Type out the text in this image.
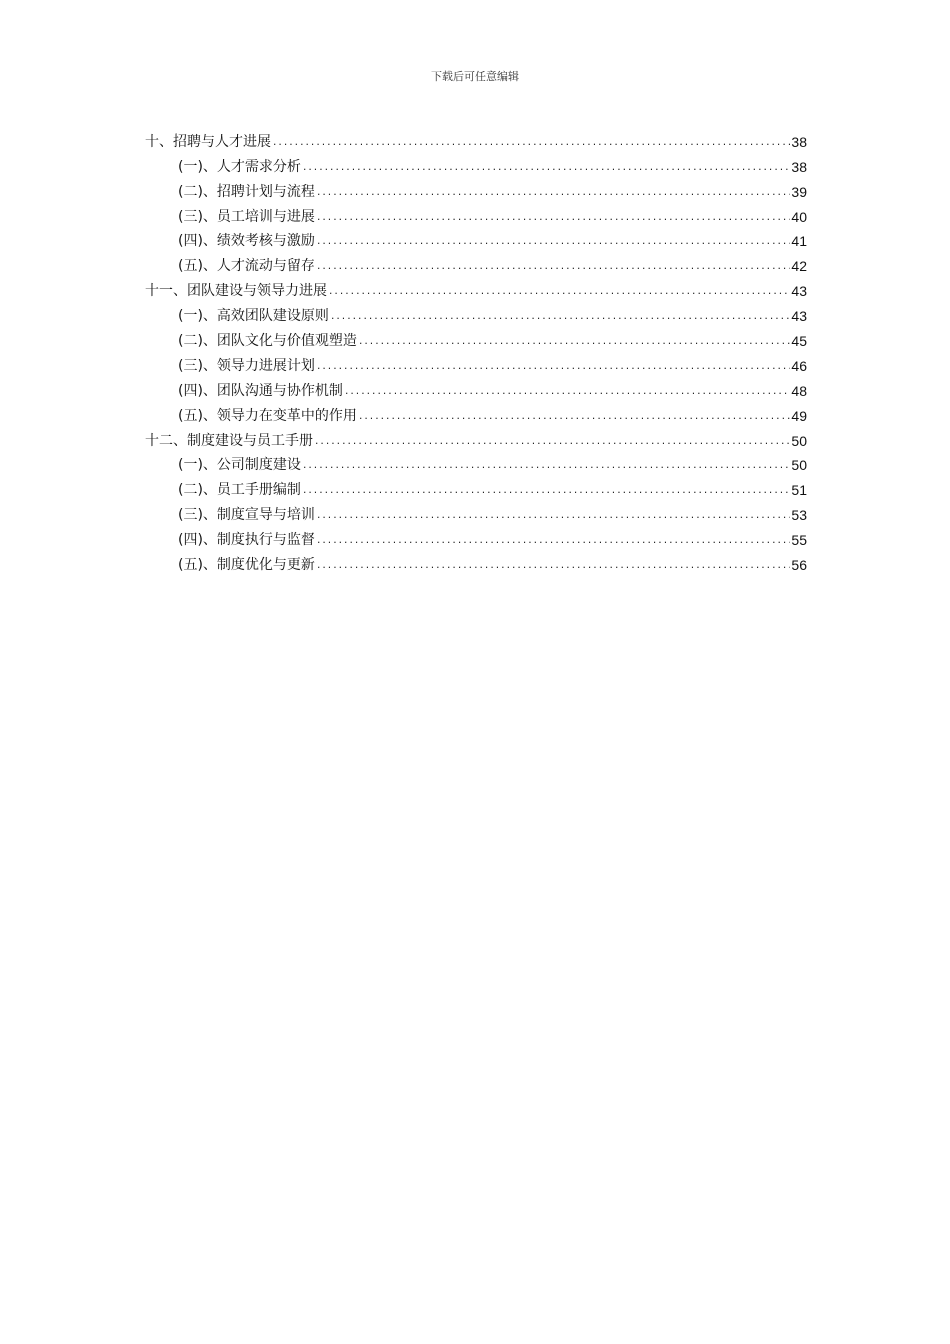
下载后可任意编辑
十、招聘与人才进展 .....	38
(一)、人才需求分析 .....	38
(二)、招聘计划与流程 .....	39
(三)、员工培训与进展 .....	40
(四)、绩效考核与激励 .....	41
(五)、人才流动与留存 .....	42
十一、团队建设与领导力进展 .....	43
(一)、高效团队建设原则 .....	43
(二)、团队文化与价值观塑造 .....	45
(三)、领导力进展计划 .....	46
(四)、团队沟通与协作机制 .....	48
(五)、领导力在变革中的作用 .....	49
十二、制度建设与员工手册 .....	50
(一)、公司制度建设 .....	50
(二)、员工手册编制 .....	51
(三)、制度宣导与培训 .....	53
(四)、制度执行与监督 .....	55
(五)、制度优化与更新 .....	56
